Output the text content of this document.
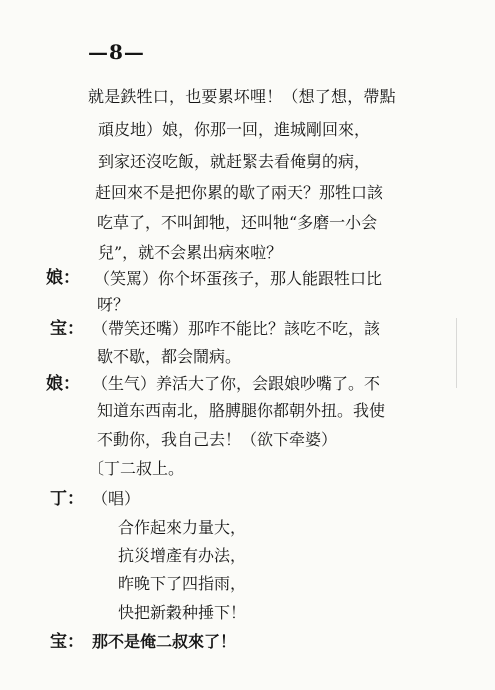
—8—
就是鉄牲口，也要累坏哩！（想了想，帶點
頑皮地）娘，你那一回，進城剛回來，
到家还沒吃飯，就赶緊去看俺舅的病，
赶回來不是把你累的歇了兩天？那牲口該
吃草了，不叫卸牠，还叫牠“多磨一小会
兒”，就不会累出病來啦？
娘： （笑罵）你个坏蛋孩子，那人能跟牲口比
呀？
宝： （帶笑还嘴）那咋不能比？該吃不吃，該
歇不歇，都会鬧病。
娘： （生气）养活大了你，会跟娘吵嘴了。不
知道东西南北，胳膊腿你都朝外扭。我使
不動你，我自己去！（欲下牵婆）
〔丁二叔上。
丁： （唱）
合作起來力量大，
抗災增產有办法，
昨晚下了四指雨，
快把新穀种捶下！
宝： 那不是俺二叔來了！
